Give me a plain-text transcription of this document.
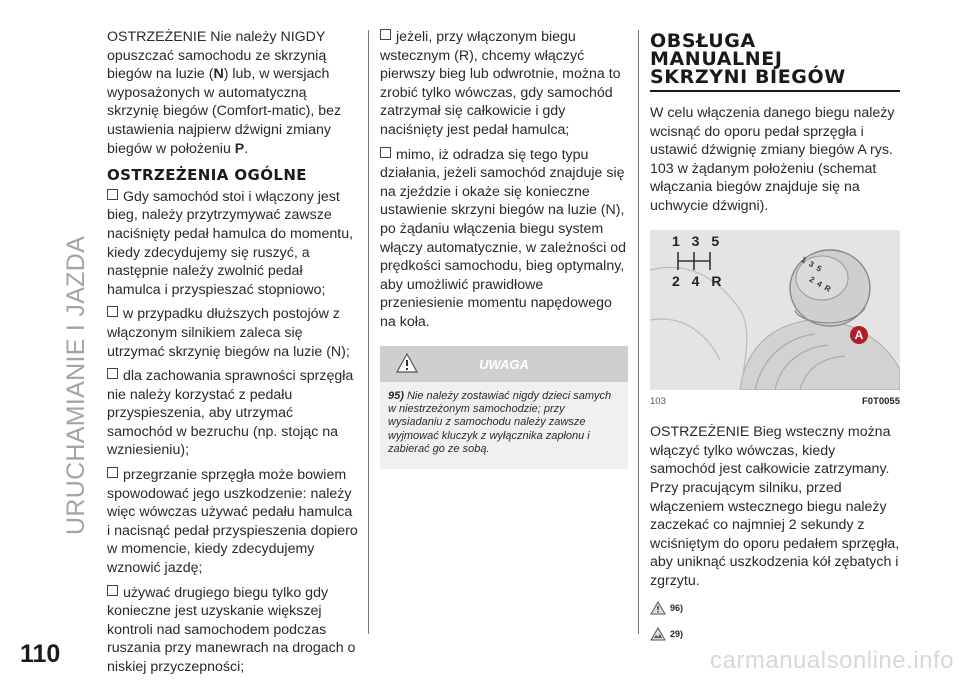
URUCHAMIANIE I JAZDA
110	carmanualsonline.info

OSTRZEŻENIE Nie należy NIGDY opuszczać samochodu ze skrzynią biegów na luzie (N) lub, w wersjach wyposażonych w automatyczną skrzynię biegów (Comfort-matic), bez ustawienia najpierw dźwigni zmiany biegów w położeniu P.

OSTRZEŻENIA OGÓLNE

Gdy samochód stoi i włączony jest bieg, należy przytrzymywać zawsze naciśnięty pedał hamulca do momentu, kiedy zdecydujemy się ruszyć, a następnie należy zwolnić pedał hamulca i przyspieszać stopniowo;

w przypadku dłuższych postojów z włączonym silnikiem zaleca się utrzymać skrzynię biegów na luzie (N);

dla zachowania sprawności sprzęgła nie należy korzystać z pedału przyspieszenia, aby utrzymać samochód w bezruchu (np. stojąc na wzniesieniu);

przegrzanie sprzęgła może bowiem spowodować jego uszkodzenie: należy więc wówczas używać pedału hamulca i nacisnąć pedał przyspieszenia dopiero w momencie, kiedy zdecydujemy wznowić jazdę;

używać drugiego biegu tylko gdy konieczne jest uzyskanie większej kontroli nad samochodem podczas ruszania przy manewrach na drogach o niskiej przyczepności;

jeżeli, przy włączonym biegu wstecznym (R), chcemy włączyć pierwszy bieg lub odwrotnie, można to zrobić tylko wówczas, gdy samochód zatrzymał się całkowicie i gdy naciśnięty jest pedał hamulca;

mimo, iż odradza się tego typu działania, jeżeli samochód znajduje się na zjeździe i okaże się konieczne ustawienie skrzyni biegów na luzie (N), po żądaniu włączenia biegu system włączy automatycznie, w zależności od prędkości samochodu, bieg optymalny, aby umożliwić prawidłowe przeniesienie momentu napędowego na koła.

UWAGA
95) Nie należy zostawiać nigdy dzieci samych w niestrzeżonym samochodzie; przy wysiadaniu z samochodu należy zawsze wyjmować kluczyk z wyłącznika zapłonu i zabierać go ze sobą.
OBSŁUGA
MANUALNEJ
SKRZYNI BIEGÓW

W celu włączenia danego biegu należy wcisnąć do oporu pedał sprzęgła i ustawić dźwignię zmiany biegów A rys. 103 w żądanym położeniu (schemat włączania biegów znajduje się na uchwycie dźwigni).

1 3 5
2 4 R
1 3 5
2 4 R
A
103	F0T0055

OSTRZEŻENIE Bieg wsteczny można włączyć tylko wówczas, kiedy samochód jest całkowicie zatrzymany. Przy pracującym silniku, przed włączeniem wstecznego biegu należy zaczekać co najmniej 2 sekundy z wciśniętym do oporu pedałem sprzęgła, aby uniknąć uszkodzenia kół zębatych i zgrzytu.

96)
29)
